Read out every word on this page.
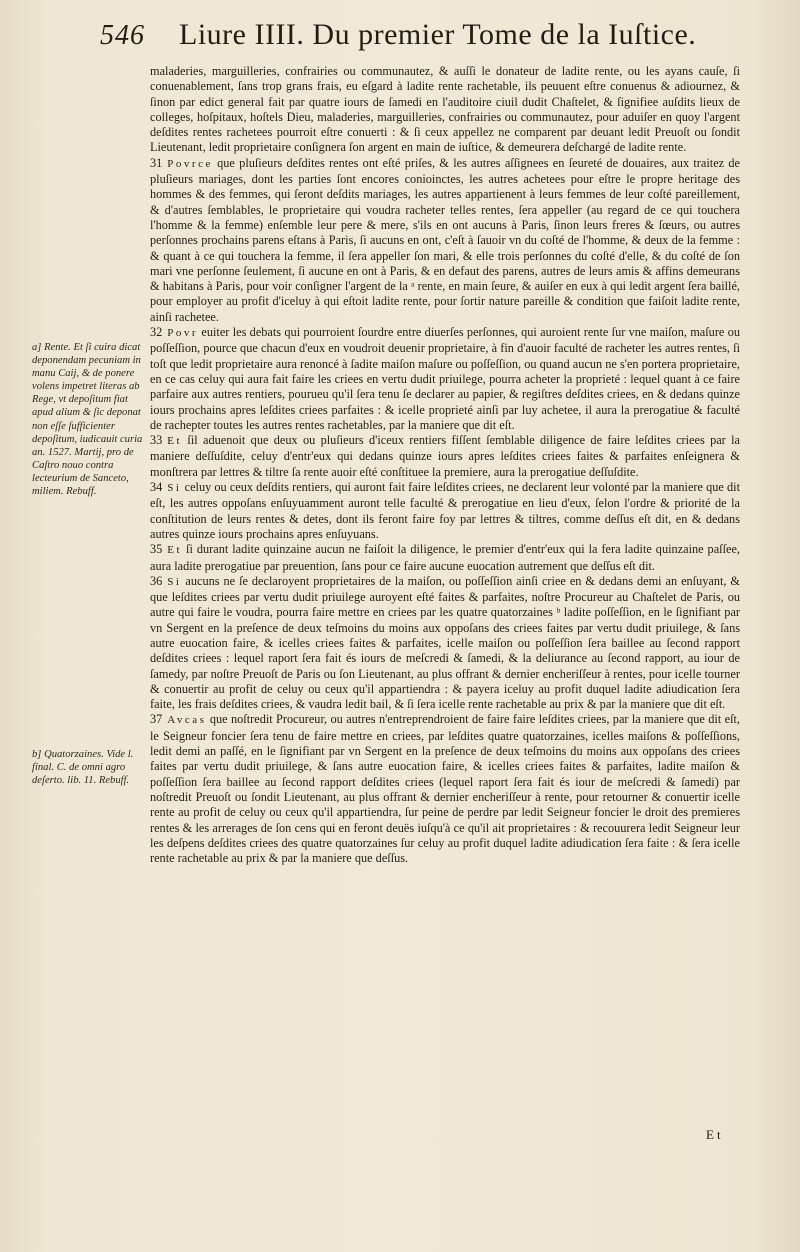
546 Liure IIII. Du premier Tome de la Iuſtice.

maladeries, marguilleries, confrairies ou communautez, & auſſi le donateur de ladite rente, ou les ayans cauſe, ſi conuenablement, ſans trop grans frais, eu eſgard à ladite rente rachetable, ils peuuent eſtre conuenus & adiournez, & ſinon par edict general fait par quatre iours de ſamedi en l'auditoire ciuil dudit Chaſtelet, & ſignifiee auſdits lieux de colleges, hoſpitaux, hoſtels Dieu, maladeries, marguilleries, confrairies ou communautez, pour aduiſer en quoy l'argent deſdites rentes rachetees pourroit eſtre conuerti : & ſi ceux appellez ne comparent par deuant ledit Preuoſt ou ſondit Lieutenant, ledit proprietaire conſignera ſon argent en main de iuſtice, & demeurera deſchargé de ladite rente.

31 Povrce que pluſieurs deſdites rentes ont eſté priſes, & les autres aſſignees en ſeureté de douaires, aux traitez de pluſieurs mariages, dont les parties ſont encores conioinctes, les autres achetees pour eſtre le propre heritage des hommes & des femmes, qui ſeront deſdits mariages, les autres appartienent à leurs femmes de leur coſté pareillement, & d'autres ſemblables, le proprietaire qui voudra racheter telles rentes, ſera appeller (au regard de ce qui touchera l'homme & la femme) enſemble leur pere & mere, s'ils en ont aucuns à Paris, ſinon leurs freres & ſœurs, ou autres perſonnes prochains parens eſtans à Paris, ſi aucuns en ont, c'eſt à ſauoir vn du coſté de l'homme, & deux de la femme : & quant à ce qui touchera la femme, il ſera appeller ſon mari, & elle trois perſonnes du coſté d'elle, & du coſté de ſon mari vne perſonne ſeulement, ſi aucune en ont à Paris, & en defaut des parens, autres de leurs amis & affins demeurans & habitans à Paris, pour voir conſigner l'argent de la ᵃ rente, en main ſeure, & auiſer en eux à qui ledit argent ſera baillé, pour employer au profit d'iceluy à qui eſtoit ladite rente, pour ſortir nature pareille & condition que faiſoit ladite rente, ainſi rachetee.

32 Povr euiter les debats qui pourroient ſourdre entre diuerſes perſonnes, qui auroient rente ſur vne maiſon, maſure ou poſſeſſion, pource que chacun d'eux en voudroit deuenir proprietaire, à fin d'auoir faculté de racheter les autres rentes, ſi toſt que ledit proprietaire aura renoncé à ſadite maiſon maſure ou poſſeſſion, ou quand aucun ne s'en portera proprietaire, en ce cas celuy qui aura fait faire les criees en vertu dudit priuilege, pourra acheter la proprieté : lequel quant à ce faire parfaire aux autres rentiers, pourueu qu'il ſera tenu ſe declarer au papier, & regiſtres deſdites criees, en & dedans quinze iours prochains apres leſdites criees parfaites : & icelle proprieté ainſi par luy achetee, il aura la prerogatiue & faculté de rachepter toutes les autres rentes rachetables, par la maniere que dit eſt.

33 Et ſil aduenoit que deux ou pluſieurs d'iceux rentiers fiſſent ſemblable diligence de faire leſdites criees par la maniere deſſuſdite, celuy d'entr'eux qui dedans quinze iours apres leſdites criees faites & parfaites enſeignera & monſtrera par lettres & tiltre ſa rente auoir eſté conſtituee la premiere, aura la prerogatiue deſſuſdite.

34 Si celuy ou ceux deſdits rentiers, qui auront fait faire leſdites criees, ne declarent leur volonté par la maniere que dit eſt, les autres oppoſans enſuyuamment auront telle faculté & prerogatiue en lieu d'eux, ſelon l'ordre & priorité de la conſtitution de leurs rentes & detes, dont ils feront faire foy par lettres & tiltres, comme deſſus eſt dit, en & dedans autres quinze iours prochains apres enſuyuans.

35 Et ſi durant ladite quinzaine aucun ne faiſoit la diligence, le premier d'entr'eux qui la fera ladite quinzaine paſſee, aura ladite prerogatiue par preuention, ſans pour ce faire aucune euocation autrement que deſſus eſt dit.

36 Si aucuns ne ſe declaroyent proprietaires de la maiſon, ou poſſeſſion ainſi criee en & dedans demi an enſuyant, & que leſdites criees par vertu dudit priuilege auroyent eſté faites & parfaites, noſtre Procureur au Chaſtelet de Paris, ou autre qui faire le voudra, pourra faire mettre en criees par les quatre quatorzaines ᵇ ladite poſſeſſion, en le ſignifiant par vn Sergent en la preſence de deux teſmoins du moins aux oppoſans des criees faites par vertu dudit priuilege, & ſans autre euocation faire, & icelles criees faites & parfaites, icelle maiſon ou poſſeſſion ſera baillee au ſecond rapport deſdites criees : lequel raport ſera fait és iours de meſcredi & ſamedi, & la deliurance au ſecond rapport, au iour de ſamedy, par noſtre Preuoſt de Paris ou ſon Lieutenant, au plus offrant & dernier encheriſſeur à rentes, pour icelle tourner & conuertir au profit de celuy ou ceux qu'il appartiendra : & payera iceluy au profit duquel ladite adiudication ſera faite, les frais deſdites criees, & vaudra ledit bail, & ſi ſera icelle rente rachetable au prix & par la maniere que dit eſt.

37 Avcas que noſtredit Procureur, ou autres n'entreprendroient de faire faire leſdites criees, par la maniere que dit eſt, le Seigneur foncier ſera tenu de faire mettre en criees, par leſdites quatre quatorzaines, icelles maiſons & poſſeſſions, ledit demi an paſſé, en le ſignifiant par vn Sergent en la preſence de deux teſmoins du moins aux oppoſans des criees faites par vertu dudit priuilege, & ſans autre euocation faire, & icelles criees faites & parfaites, ladite maiſon & poſſeſſion ſera baillee au ſecond rapport deſdites criees (lequel raport ſera fait és iour de meſcredi & ſamedi) par noſtredit Preuoſt ou ſondit Lieutenant, au plus offrant & dernier encheriſſeur à rente, pour retourner & conuertir icelle rente au profit de celuy ou ceux qu'il appartiendra, ſur peine de perdre par ledit Seigneur foncier le droit des premieres rentes & les arrerages de ſon cens qui en feront deuës iuſqu'à ce qu'il ait proprietaires : & recouurera ledit Seigneur leur les deſpens deſdites criees des quatre quatorzaines ſur celuy au profit duquel ladite adiudication ſera faite : & ſera icelle rente rachetable au prix & par la maniere que deſſus.

a] Rente. Et ſi cuira dicat deponendam pecuniam in manu Caij, & de ponere volens impetret literas ab Rege, vt depoſitum fiat apud alium & ſic deponat non eſſe ſufficienter depoſitum, iudicauit curia an. 1527. Martij, pro de Caſtro nouo contra lecteurium de Sanceto, miliem. Rebuff.
b] Quatorzaines. Vide l. final. C. de omni agro deſerto. lib. 11. Rebuff.
Et
